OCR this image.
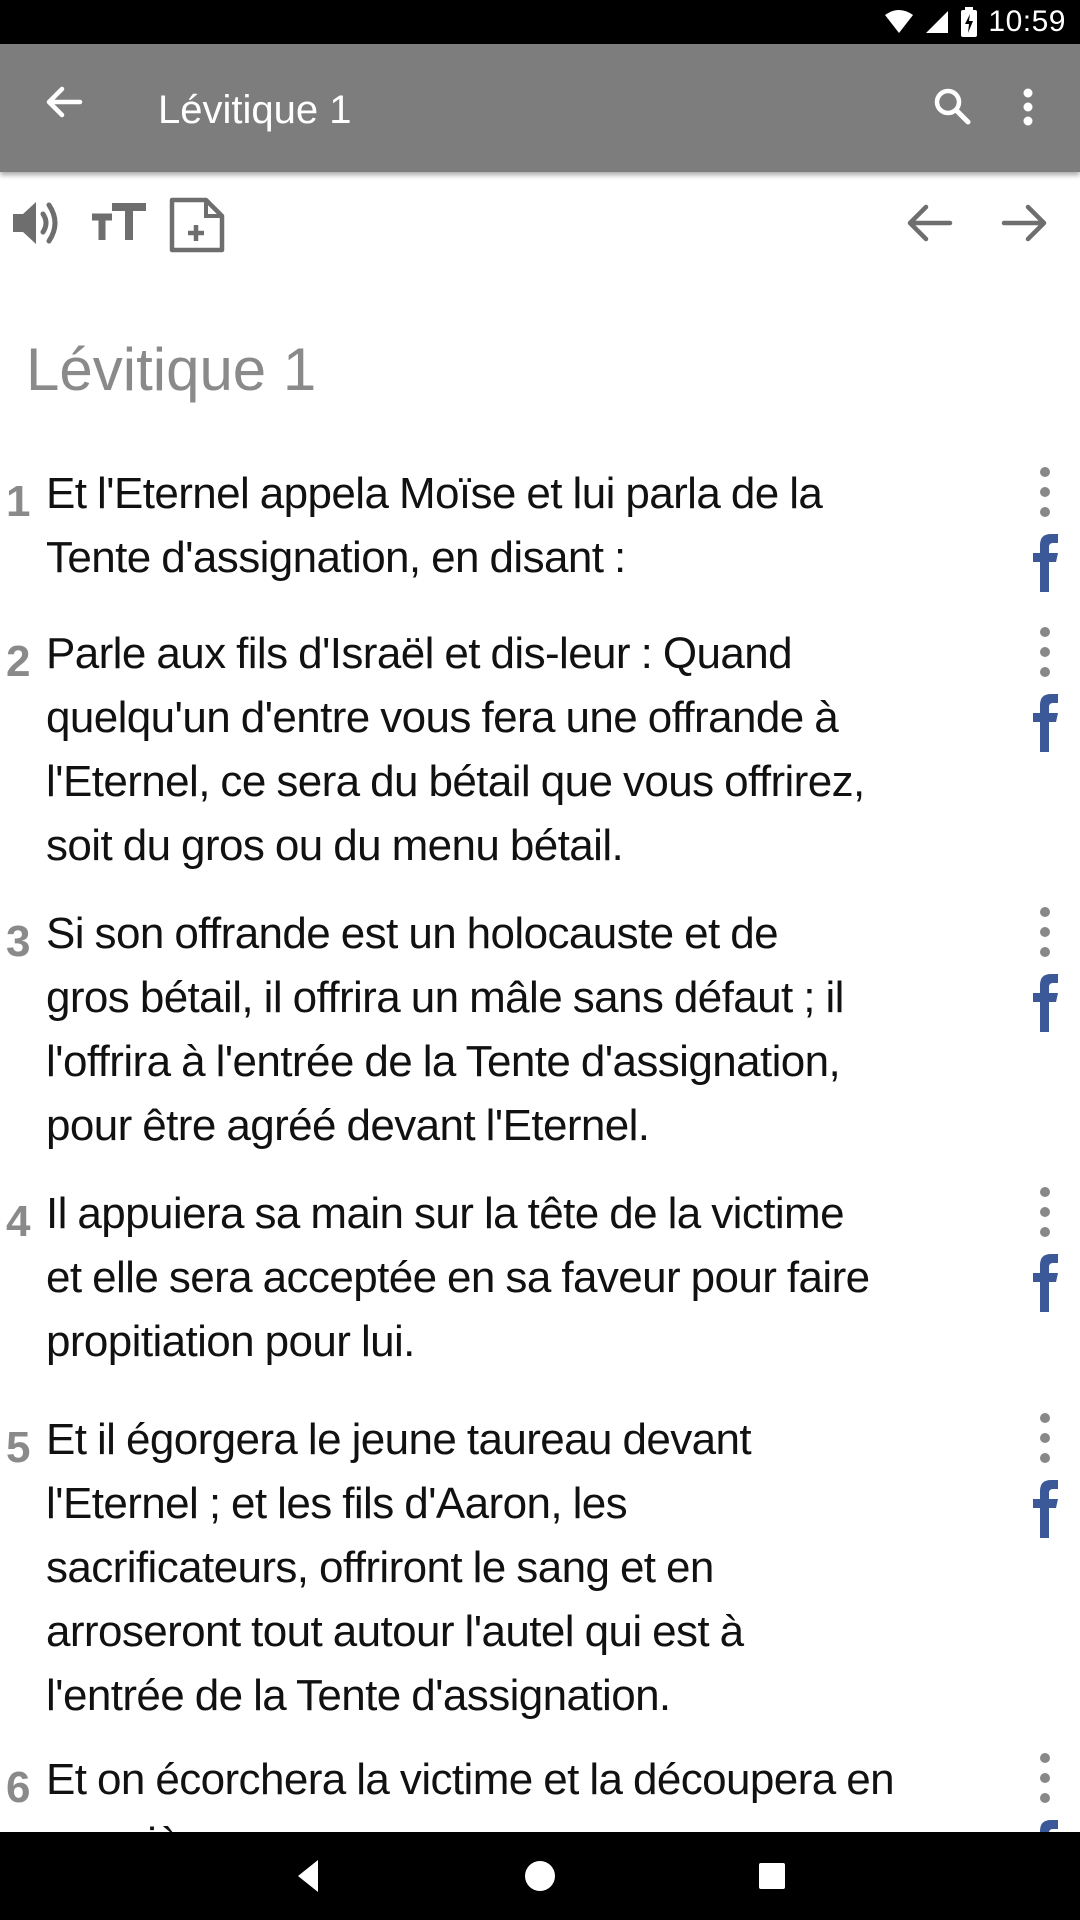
10:59
Lévitique 1
Lévitique 1
1 Et l'Eternel appela Moïse et lui parla de la
Tente d'assignation, en disant :
2 Parle aux fils d'Israël et dis-leur : Quand
quelqu'un d'entre vous fera une offrande à
l'Eternel, ce sera du bétail que vous offrirez,
soit du gros ou du menu bétail.
3 Si son offrande est un holocauste et de
gros bétail, il offrira un mâle sans défaut ; il
l'offrira à l'entrée de la Tente d'assignation,
pour être agréé devant l'Eternel.
4 Il appuiera sa main sur la tête de la victime
et elle sera acceptée en sa faveur pour faire
propitiation pour lui.
5 Et il égorgera le jeune taureau devant
l'Eternel ; et les fils d'Aaron, les
sacrificateurs, offriront le sang et en
arroseront tout autour l'autel qui est à
l'entrée de la Tente d'assignation.
6 Et on écorchera la victime et la découpera en
